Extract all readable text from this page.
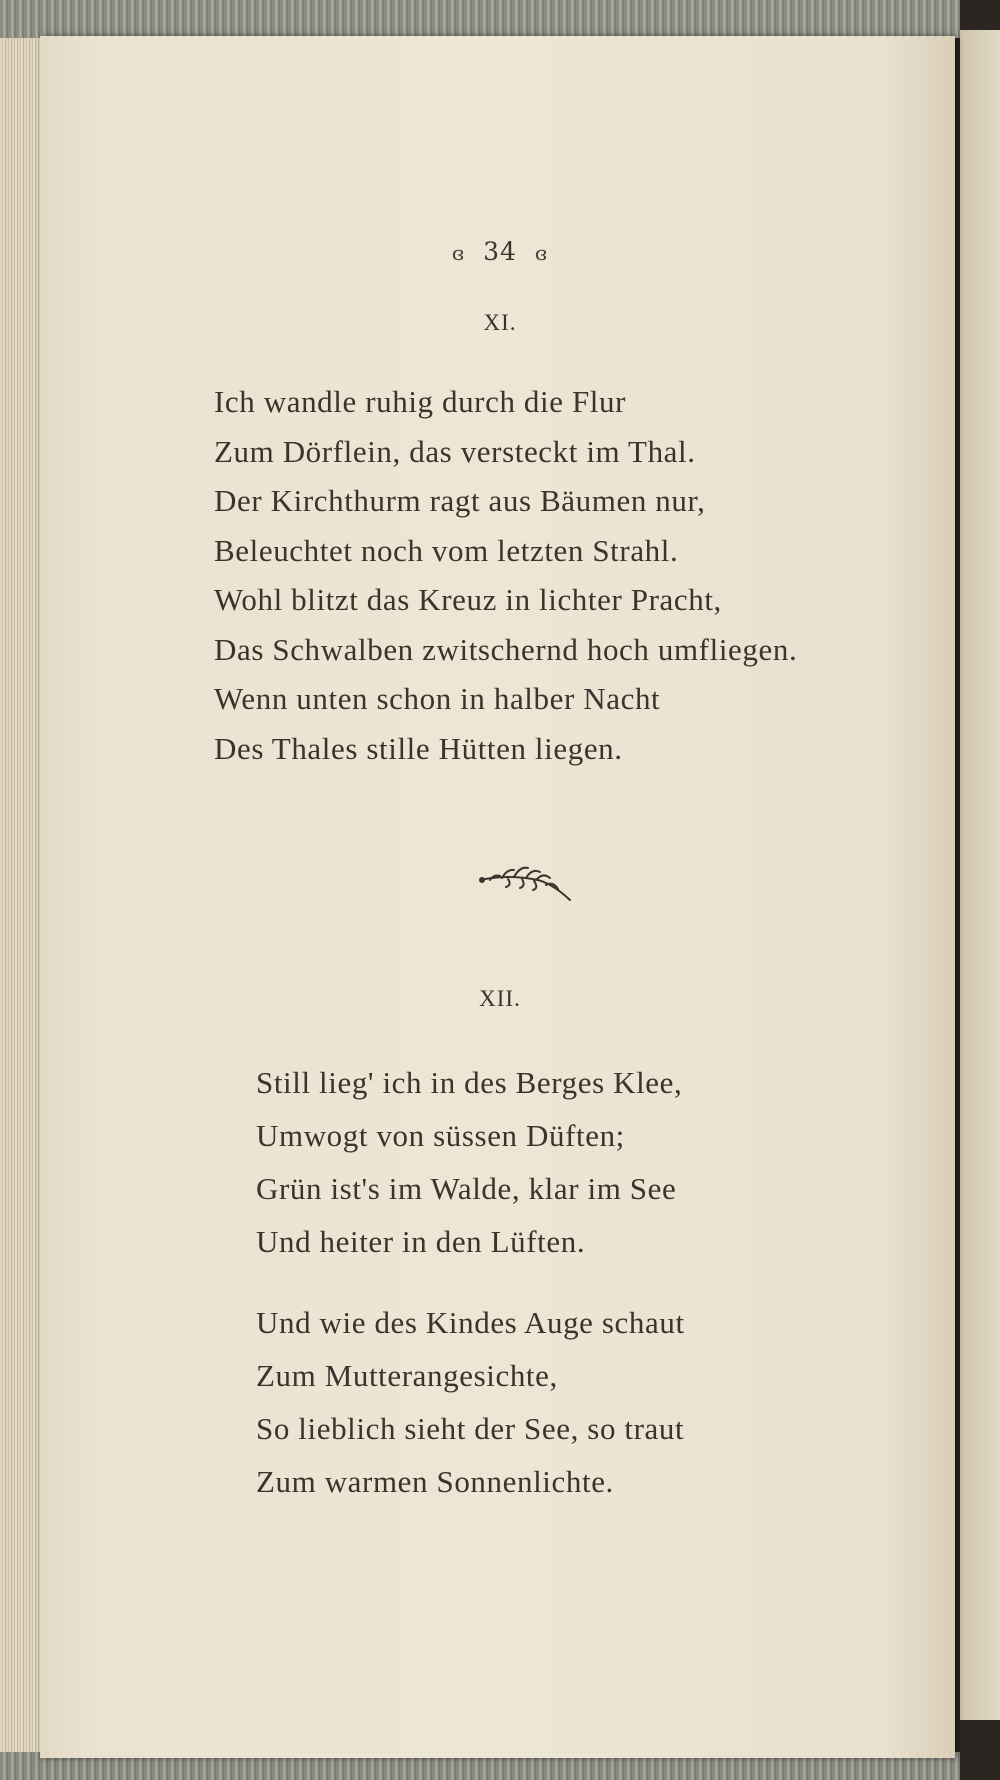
ɞ 34 ɞ
XI.
Ich wandle ruhig durch die Flur
Zum Dörflein, das versteckt im Thal.
Der Kirchthurm ragt aus Bäumen nur,
Beleuchtet noch vom letzten Strahl.
Wohl blitzt das Kreuz in lichter Pracht,
Das Schwalben zwitschernd hoch umfliegen.
Wenn unten schon in halber Nacht
Des Thales stille Hütten liegen.
XII.
Still lieg' ich in des Berges Klee,
Umwogt von süssen Düften;
Grün ist's im Walde, klar im See
Und heiter in den Lüften.
Und wie des Kindes Auge schaut
Zum Mutterangesichte,
So lieblich sieht der See, so traut
Zum warmen Sonnenlichte.
